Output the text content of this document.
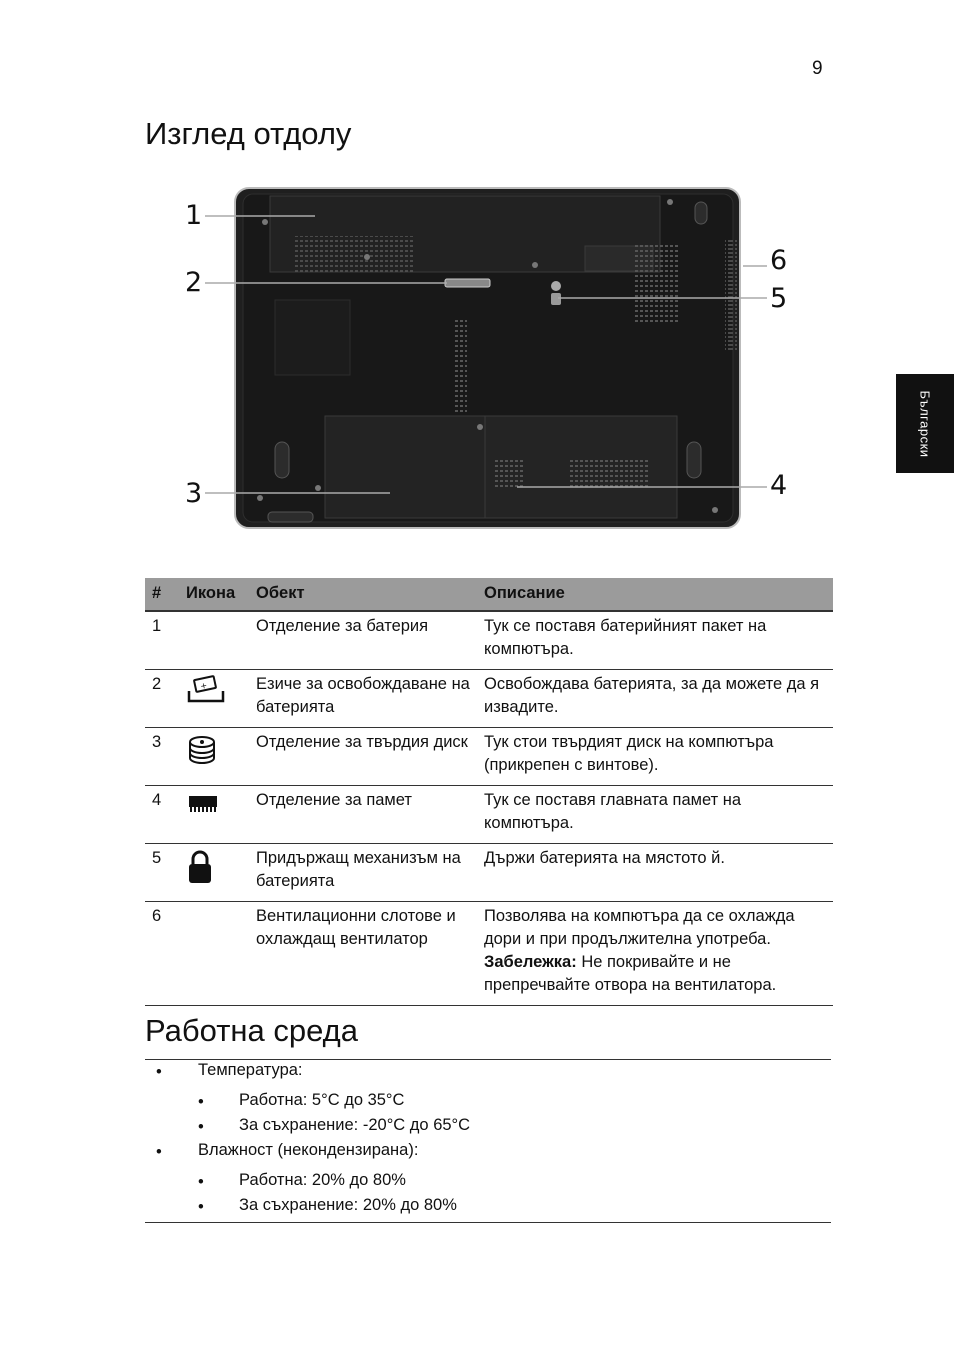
9
Български
Изглед отдолу
1
2
3	4
5
6
#	Икона	Обект	Описание
1		Отделение за батерия	Тук се поставя батерийният пакет на компютъра.
2	+	Езиче за освобождаване на батерията	Освобождава батерията, за да можете да я извадите.
3		Отделение за твърдия диск	Тук стои твърдият диск на компютъра (прикрепен с винтове).
4		Отделение за памет	Тук се поставя главната памет на компютъра.
5		Придържащ механизъм на батерията	Държи батерията на мястото й.
6		Вентилационни слотове и охлаждащ вентилатор	Позволява на компютъра да се охлажда дори и при продължителна употреба. Забележка: Не покривайте и не препречвайте отвора на вентилатора.
Работна среда
• Температура:
• Работна: 5°C до 35°C
• За съхранение: -20°C до 65°C
• Влажност (некондензирана):
• Работна: 20% до 80%
• За съхранение: 20% до 80%
